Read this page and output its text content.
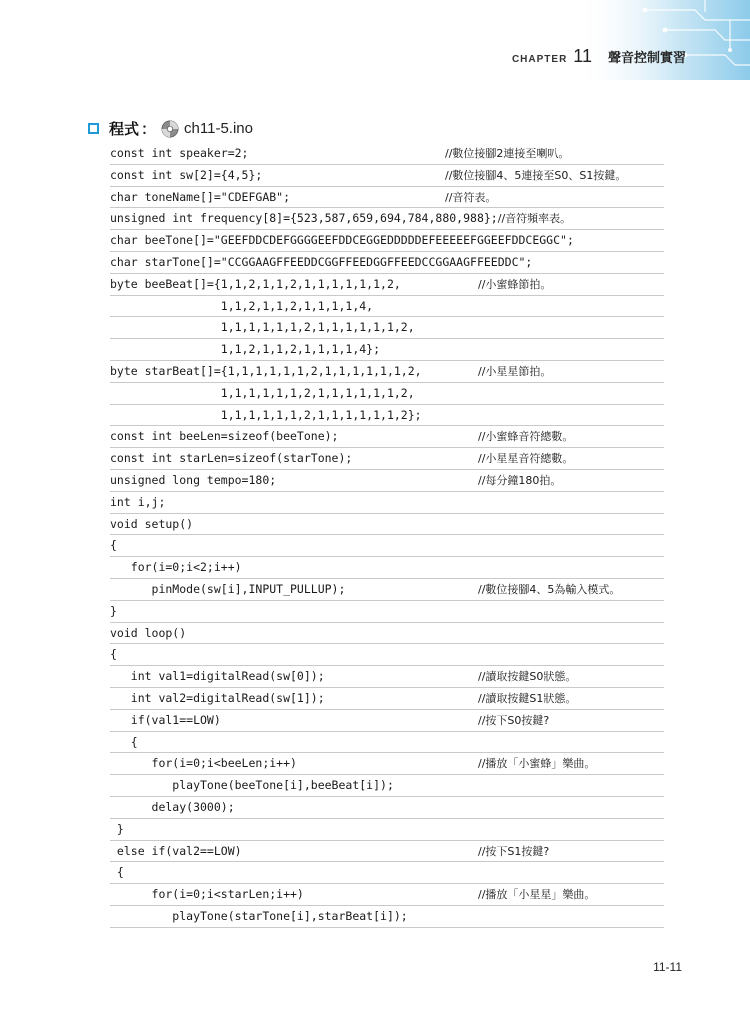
CHAPTER 11 聲音控制實習
程式 ： ch11-5.ino
const int speaker=2;	//數位接腳2連接至喇叭。
const int sw[2]={4,5};	//數位接腳4、5連接至S0、S1按鍵。
char toneName[]="CDEFGAB";	//音符表。
unsigned int frequency[8]={523,587,659,694,784,880,988};//音符頻率表。
char beeTone[]="GEEFDDCDEFGGGGEEFDDCEGGEDDDDDEFEEEEEFGGEEFDDCEGGC";
char starTone[]="CCGGAAGFFEEDDCGGFFEEDGGFFEEDCCGGAAGFFEEDDC";
byte beeBeat[]={1,1,2,1,1,2,1,1,1,1,1,1,2,	//小蜜蜂節拍。
1,1,2,1,1,2,1,1,1,1,4,
1,1,1,1,1,1,2,1,1,1,1,1,1,2,
1,1,2,1,1,2,1,1,1,1,4};
byte starBeat[]={1,1,1,1,1,1,2,1,1,1,1,1,1,2,	//小星星節拍。
1,1,1,1,1,1,2,1,1,1,1,1,1,2,
1,1,1,1,1,1,2,1,1,1,1,1,1,2};
const int beeLen=sizeof(beeTone);	//小蜜蜂音符總數。
const int starLen=sizeof(starTone);	//小星星音符總數。
unsigned long tempo=180;	//每分鐘180拍。
int i,j;
void setup()
{
for(i=0;i<2;i++)
pinMode(sw[i],INPUT_PULLUP);	//數位接腳4、5為輸入模式。
}
void loop()
{
int val1=digitalRead(sw[0]);	//讀取按鍵S0狀態。
int val2=digitalRead(sw[1]);	//讀取按鍵S1狀態。
if(val1==LOW)	//按下S0按鍵?
{
for(i=0;i<beeLen;i++)	//播放「小蜜蜂」樂曲。
playTone(beeTone[i],beeBeat[i]);
delay(3000);
}
else if(val2==LOW)	//按下S1按鍵?
{
for(i=0;i<starLen;i++)	//播放「小星星」樂曲。
playTone(starTone[i],starBeat[i]);
11-11
